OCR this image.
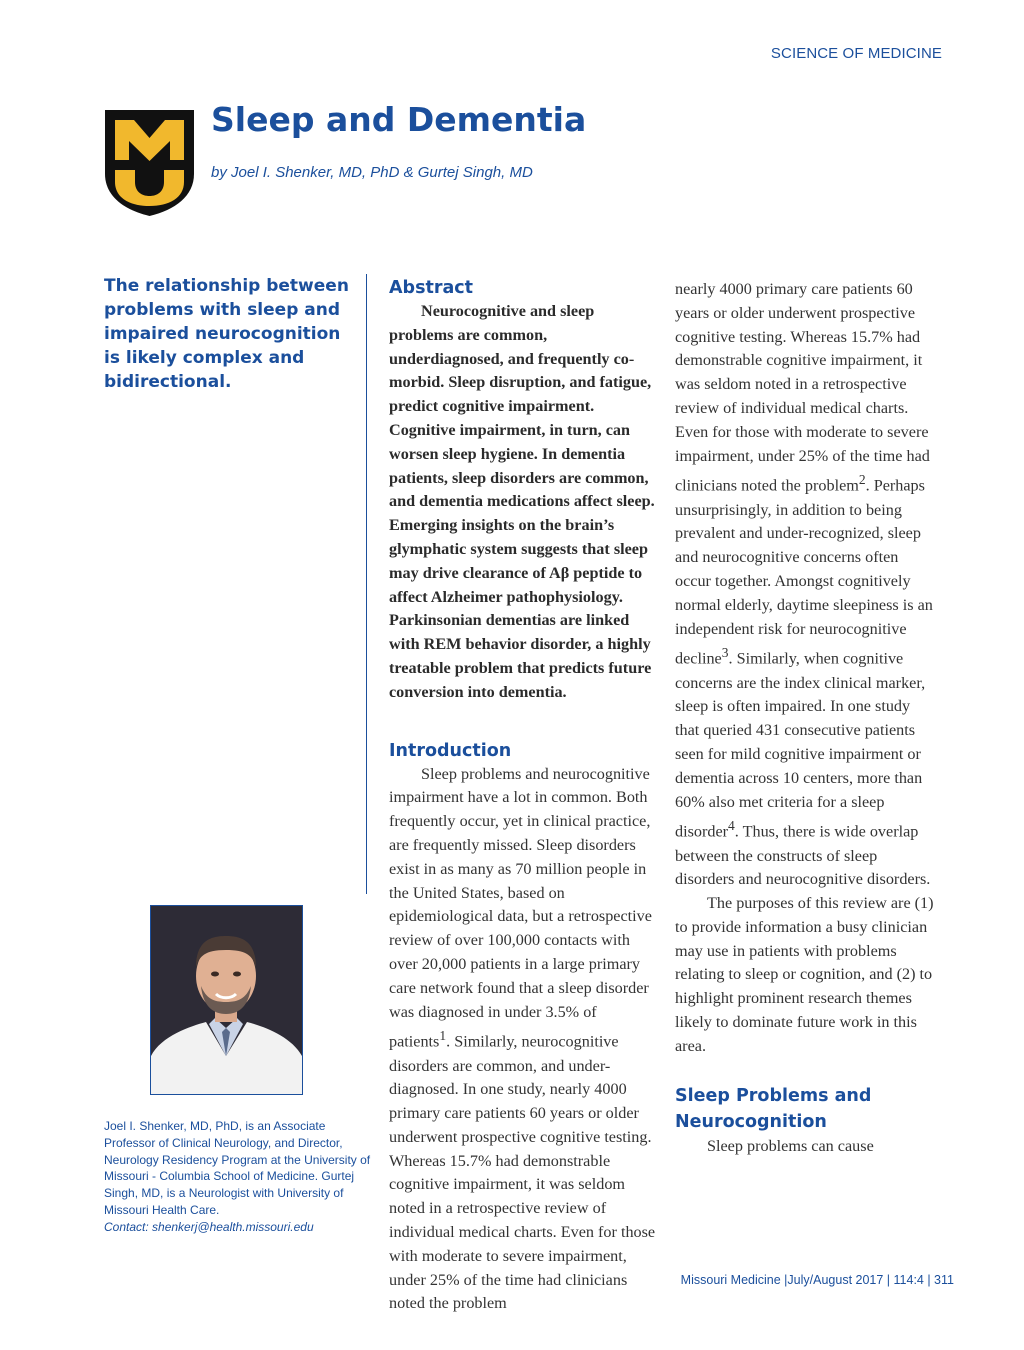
SCIENCE OF MEDICINE
Sleep and Dementia
by Joel I. Shenker, MD, PhD & Gurtej Singh, MD

The relationship between problems with sleep and impaired neurocognition is likely complex and bidirectional.

Joel I. Shenker, MD, PhD, is an Associate Professor of Clinical Neurology, and Director, Neurology Residency Program at the University of Missouri - Columbia School of Medicine. Gurtej Singh, MD, is a Neurologist with University of Missouri Health Care.
Contact: shenkerj@health.missouri.edu
Abstract

Neurocognitive and sleep problems are common, underdiagnosed, and frequently co-morbid. Sleep disruption, and fatigue, predict cognitive impairment. Cognitive impairment, in turn, can worsen sleep hygiene. In dementia patients, sleep disorders are common, and dementia medications affect sleep. Emerging insights on the brain’s glymphatic system suggests that sleep may drive clearance of Aβ peptide to affect Alzheimer pathophysiology. Parkinsonian dementias are linked with REM behavior disorder, a highly treatable problem that predicts future conversion into dementia.

Introduction

Sleep problems and neurocognitive impairment have a lot in common. Both frequently occur, yet in clinical practice, are frequently missed. Sleep disorders exist in as many as 70 million people in the United States, based on epidemiological data, but a retrospective review of over 100,000 contacts with over 20,000 patients in a large primary care network found that a sleep disorder was diagnosed in under 3.5% of patients$^1$. Similarly, neurocognitive disorders are common, and under-diagnosed. In one study, nearly 4000 primary care patients 60 years or older underwent prospective cognitive testing. Whereas 15.7% had demonstrable cognitive impairment, it was seldom noted in a retrospective review of individual medical charts. Even for those with moderate to severe impairment, under 25% of the time had clinicians noted the problem

nearly 4000 primary care patients 60 years or older underwent prospective cognitive testing. Whereas 15.7% had demonstrable cognitive impairment, it was seldom noted in a retrospective review of individual medical charts. Even for those with moderate to severe impairment, under 25% of the time had clinicians noted the problem$^2$. Perhaps unsurprisingly, in addition to being prevalent and under-recognized, sleep and neurocognitive concerns often occur together. Amongst cognitively normal elderly, daytime sleepiness is an independent risk for neurocognitive decline$^3$. Similarly, when cognitive concerns are the index clinical marker, sleep is often impaired. In one study that queried 431 consecutive patients seen for mild cognitive impairment or dementia across 10 centers, more than 60% also met criteria for a sleep disorder$^4$. Thus, there is wide overlap between the constructs of sleep disorders and neurocognitive disorders.

The purposes of this review are (1) to provide information a busy clinician may use in patients with problems relating to sleep or cognition, and (2) to highlight prominent research themes likely to dominate future work in this area.

Sleep Problems and
Neurocognition

Sleep problems can cause

Missouri Medicine |July/August 2017 | 114:4 | 311
